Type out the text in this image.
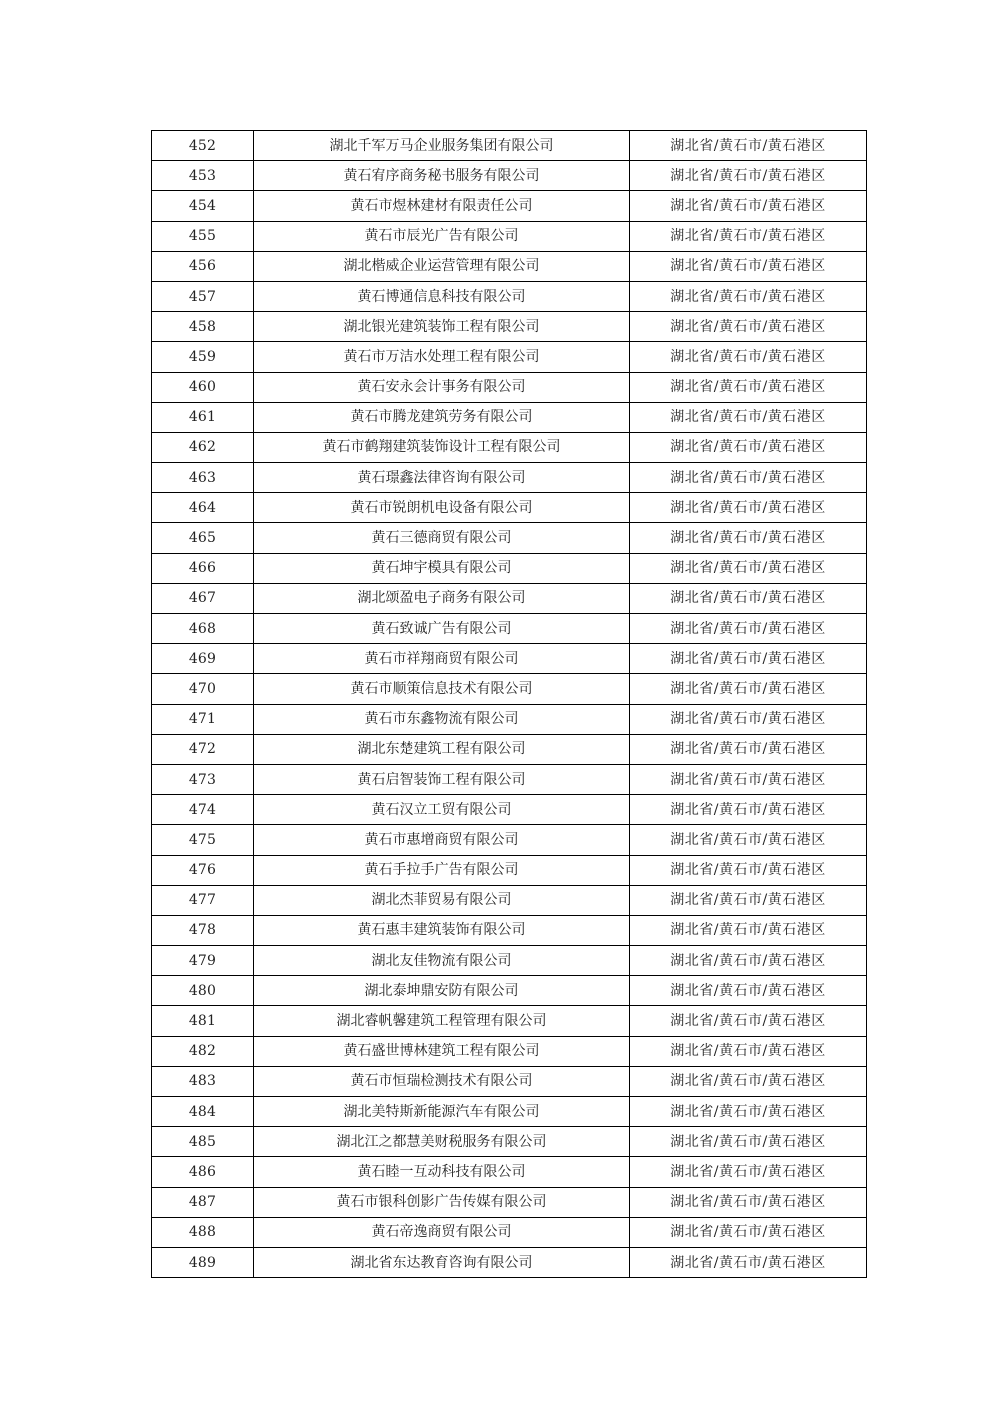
452	湖北千军万马企业服务集团有限公司	湖北省/黄石市/黄石港区
453	黄石宥序商务秘书服务有限公司	湖北省/黄石市/黄石港区
454	黄石市煜林建材有限责任公司	湖北省/黄石市/黄石港区
455	黄石市辰光广告有限公司	湖北省/黄石市/黄石港区
456	湖北楷威企业运营管理有限公司	湖北省/黄石市/黄石港区
457	黄石博通信息科技有限公司	湖北省/黄石市/黄石港区
458	湖北银光建筑装饰工程有限公司	湖北省/黄石市/黄石港区
459	黄石市万洁水处理工程有限公司	湖北省/黄石市/黄石港区
460	黄石安永会计事务有限公司	湖北省/黄石市/黄石港区
461	黄石市腾龙建筑劳务有限公司	湖北省/黄石市/黄石港区
462	黄石市鹤翔建筑装饰设计工程有限公司	湖北省/黄石市/黄石港区
463	黄石璟鑫法律咨询有限公司	湖北省/黄石市/黄石港区
464	黄石市锐朗机电设备有限公司	湖北省/黄石市/黄石港区
465	黄石三德商贸有限公司	湖北省/黄石市/黄石港区
466	黄石坤宇模具有限公司	湖北省/黄石市/黄石港区
467	湖北颂盈电子商务有限公司	湖北省/黄石市/黄石港区
468	黄石致诚广告有限公司	湖北省/黄石市/黄石港区
469	黄石市祥翔商贸有限公司	湖北省/黄石市/黄石港区
470	黄石市顺策信息技术有限公司	湖北省/黄石市/黄石港区
471	黄石市东鑫物流有限公司	湖北省/黄石市/黄石港区
472	湖北东楚建筑工程有限公司	湖北省/黄石市/黄石港区
473	黄石启智装饰工程有限公司	湖北省/黄石市/黄石港区
474	黄石汉立工贸有限公司	湖北省/黄石市/黄石港区
475	黄石市惠增商贸有限公司	湖北省/黄石市/黄石港区
476	黄石手拉手广告有限公司	湖北省/黄石市/黄石港区
477	湖北杰菲贸易有限公司	湖北省/黄石市/黄石港区
478	黄石惠丰建筑装饰有限公司	湖北省/黄石市/黄石港区
479	湖北友佳物流有限公司	湖北省/黄石市/黄石港区
480	湖北泰坤鼎安防有限公司	湖北省/黄石市/黄石港区
481	湖北睿帆馨建筑工程管理有限公司	湖北省/黄石市/黄石港区
482	黄石盛世博林建筑工程有限公司	湖北省/黄石市/黄石港区
483	黄石市恒瑞检测技术有限公司	湖北省/黄石市/黄石港区
484	湖北美特斯新能源汽车有限公司	湖北省/黄石市/黄石港区
485	湖北江之都慧美财税服务有限公司	湖北省/黄石市/黄石港区
486	黄石睦一互动科技有限公司	湖北省/黄石市/黄石港区
487	黄石市银科创影广告传媒有限公司	湖北省/黄石市/黄石港区
488	黄石帝逸商贸有限公司	湖北省/黄石市/黄石港区
489	湖北省东达教育咨询有限公司	湖北省/黄石市/黄石港区
